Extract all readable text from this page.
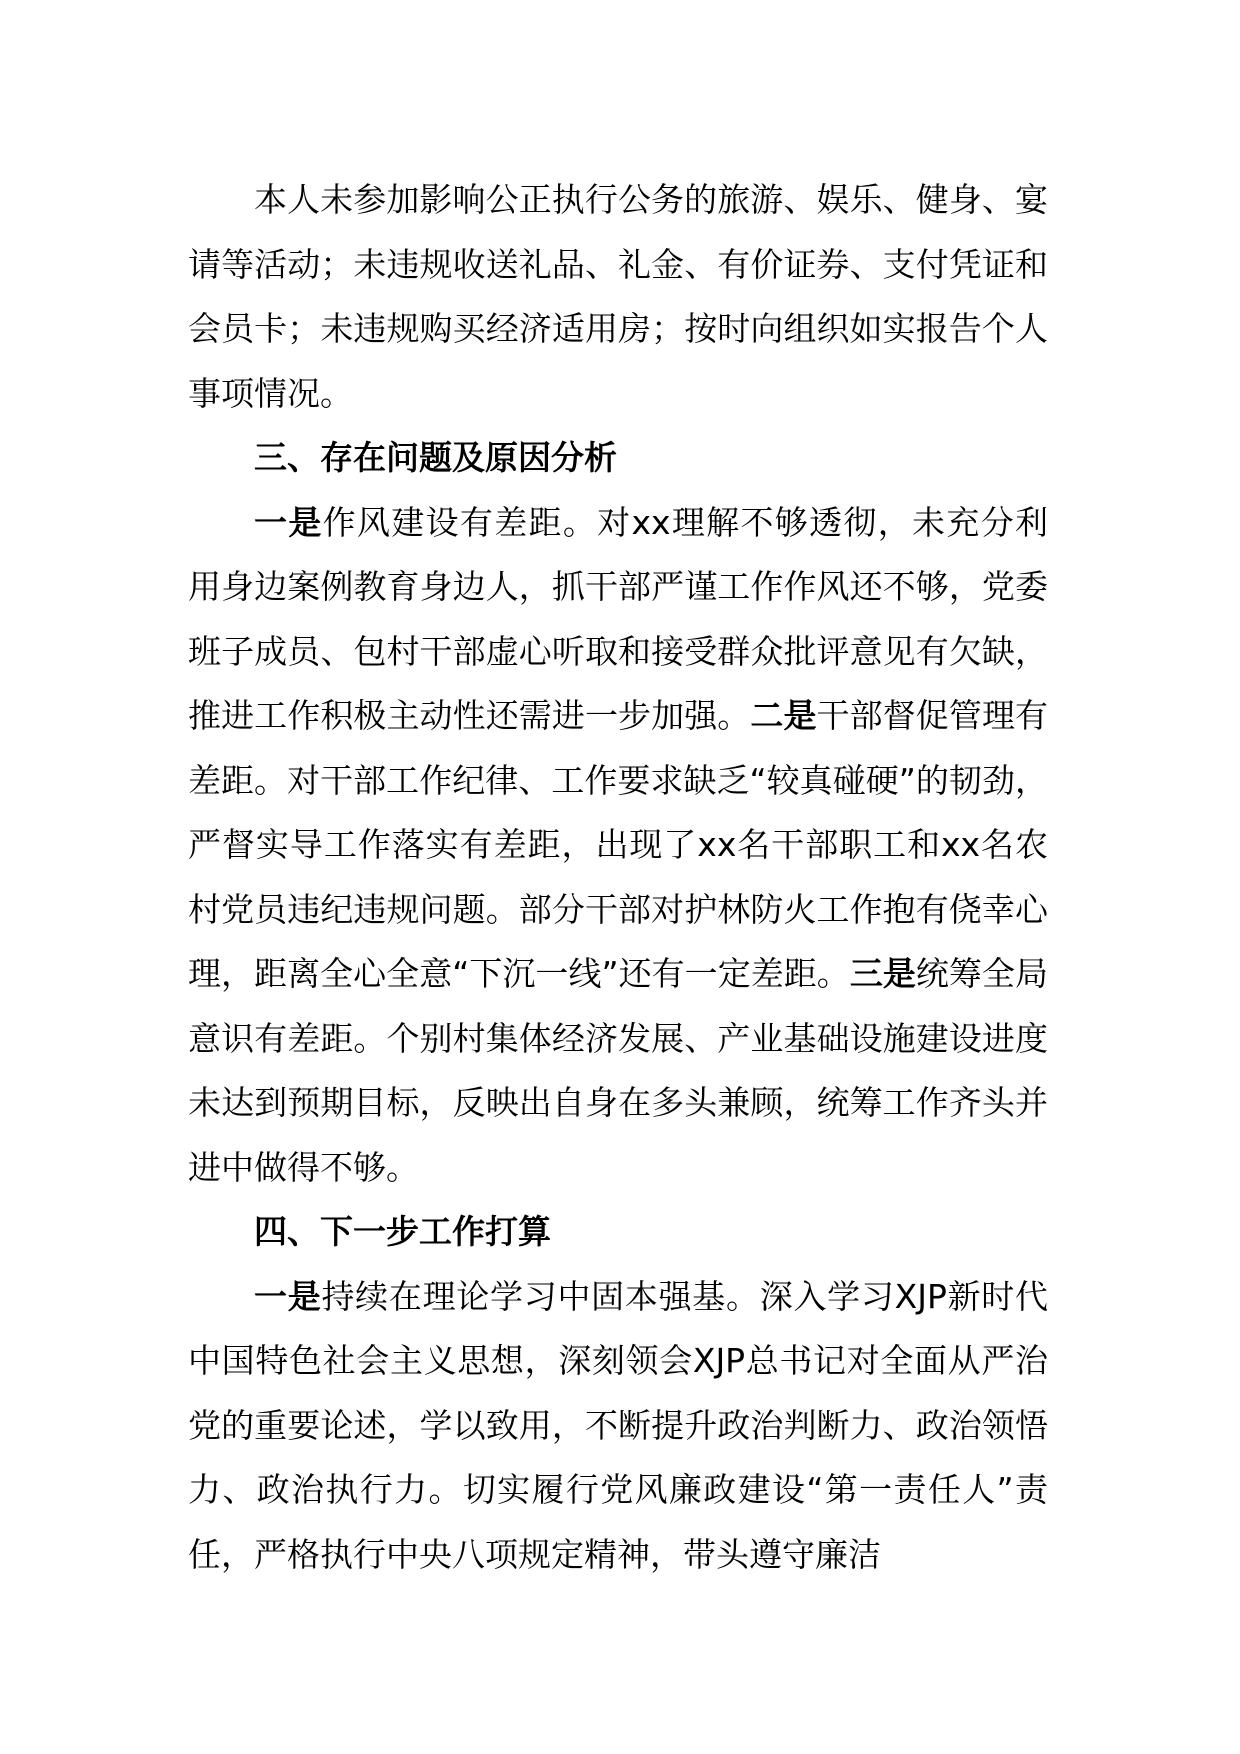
本人未参加影响公正执行公务的旅游、娱乐、健身、宴请等活动；未违规收送礼品、礼金、有价证券、支付凭证和会员卡；未违规购买经济适用房；按时向组织如实报告个人事项情况。

三、存在问题及原因分析

一是作风建设有差距。对xx理解不够透彻，未充分利用身边案例教育身边人，抓干部严谨工作作风还不够，党委班子成员、包村干部虚心听取和接受群众批评意见有欠缺，推进工作积极主动性还需进一步加强。二是干部督促管理有差距。对干部工作纪律、工作要求缺乏“较真碰硬”的韧劲，严督实导工作落实有差距，出现了xx名干部职工和xx名农村党员违纪违规问题。部分干部对护林防火工作抱有侥幸心理，距离全心全意“下沉一线”还有一定差距。三是统筹全局意识有差距。个别村集体经济发展、产业基础设施建设进度未达到预期目标，反映出自身在多头兼顾，统筹工作齐头并进中做得不够。

四、下一步工作打算

一是持续在理论学习中固本强基。深入学习XJP新时代中国特色社会主义思想，深刻领会XJP总书记对全面从严治党的重要论述，学以致用，不断提升政治判断力、政治领悟力、政治执行力。切实履行党风廉政建设“第一责任人”责任，严格执行中央八项规定精神，带头遵守廉洁
